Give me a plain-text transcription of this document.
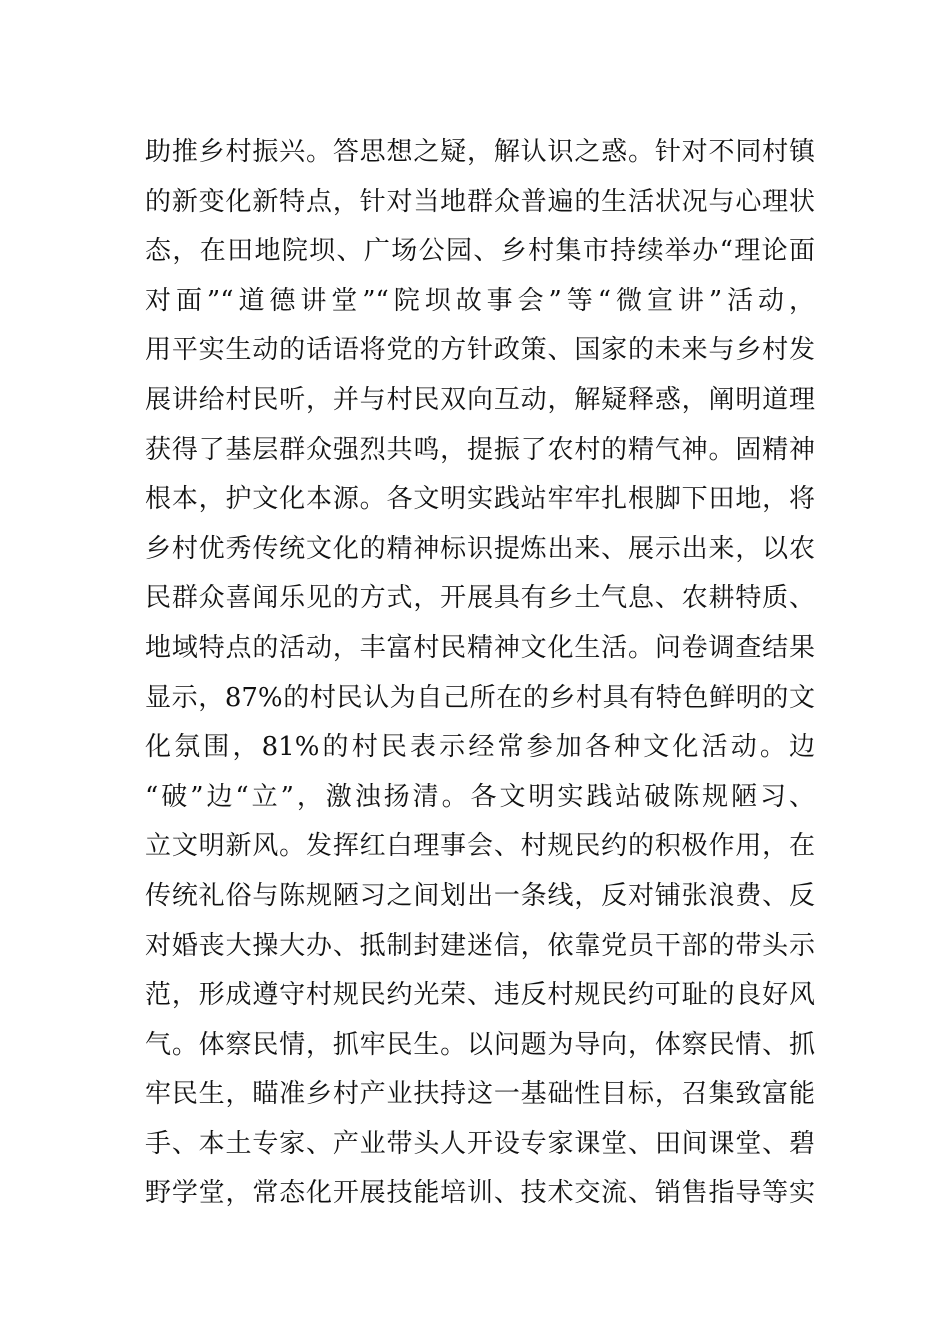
助推乡村振兴。答思想之疑，解认识之惑。针对不同村镇
的新变化新特点，针对当地群众普遍的生活状况与心理状
态，在田地院坝、广场公园、乡村集市持续举办“理论面
对面”“道德讲堂”“院坝故事会”等“微宣讲”活动，
用平实生动的话语将党的方针政策、国家的未来与乡村发
展讲给村民听，并与村民双向互动，解疑释惑，阐明道理
获得了基层群众强烈共鸣，提振了农村的精气神。固精神
根本，护文化本源。各文明实践站牢牢扎根脚下田地，将
乡村优秀传统文化的精神标识提炼出来、展示出来，以农
民群众喜闻乐见的方式，开展具有乡土气息、农耕特质、
地域特点的活动，丰富村民精神文化生活。问卷调查结果
显示，87%的村民认为自己所在的乡村具有特色鲜明的文
化氛围，81%的村民表示经常参加各种文化活动。边
“破”边“立”，激浊扬清。各文明实践站破陈规陋习、
立文明新风。发挥红白理事会、村规民约的积极作用，在
传统礼俗与陈规陋习之间划出一条线，反对铺张浪费、反
对婚丧大操大办、抵制封建迷信，依靠党员干部的带头示
范，形成遵守村规民约光荣、违反村规民约可耻的良好风
气。体察民情，抓牢民生。以问题为导向，体察民情、抓
牢民生，瞄准乡村产业扶持这一基础性目标，召集致富能
手、本土专家、产业带头人开设专家课堂、田间课堂、碧
野学堂，常态化开展技能培训、技术交流、销售指导等实
